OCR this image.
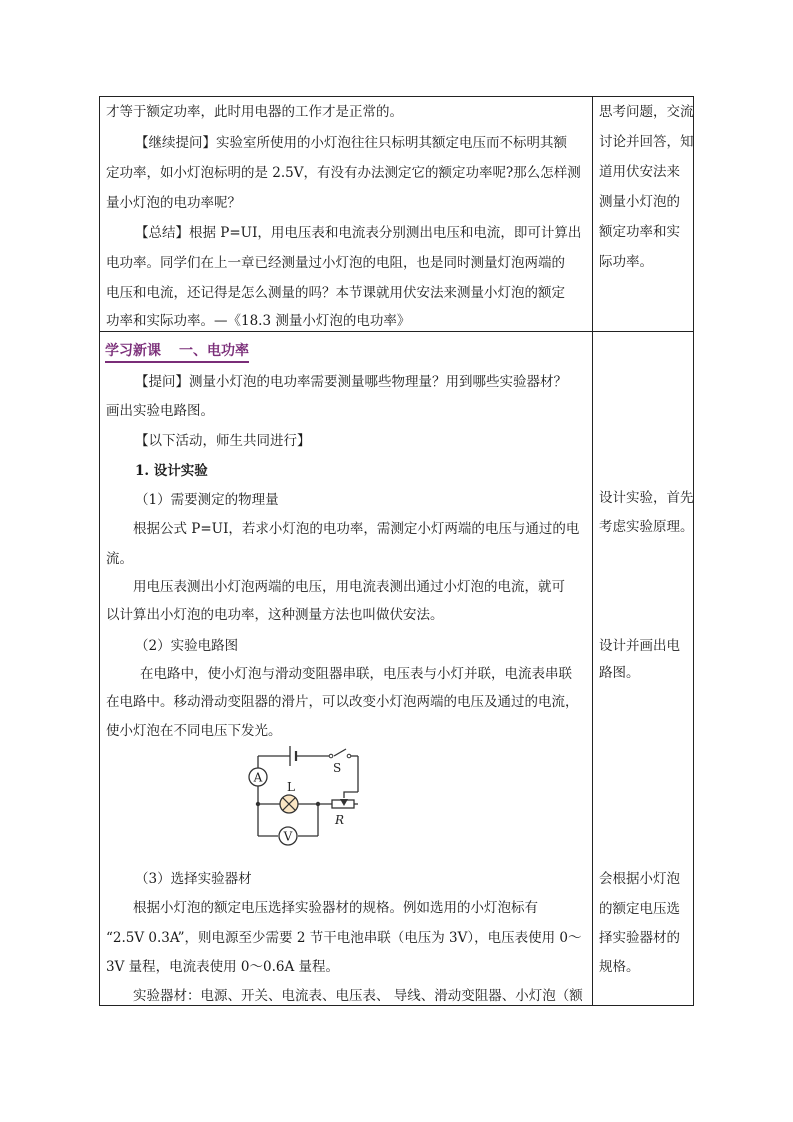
才等于额定功率，此时用电器的工作才是正常的。
【继续提问】实验室所使用的小灯泡往往只标明其额定电压而不标明其额
定功率，如小灯泡标明的是 2.5V，有没有办法测定它的额定功率呢?那么怎样测
量小灯泡的电功率呢？
【总结】根据 P=UI，用电压表和电流表分别测出电压和电流，即可计算出
电功率。同学们在上一章已经测量过小灯泡的电阻，也是同时测量灯泡两端的
电压和电流，还记得是怎么测量的吗？本节课就用伏安法来测量小灯泡的额定
功率和实际功率。—《18.3 测量小灯泡的电功率》
思考问题，交流
讨论并回答，知
道用伏安法来
测量小灯泡的
额定功率和实
际功率。
学习新课 一、电功率
【提问】测量小灯泡的电功率需要测量哪些物理量？用到哪些实验器材？
画出实验电路图。
【以下活动，师生共同进行】
1. 设计实验
（1）需要测定的物理量
根据公式 P=UI，若求小灯泡的电功率，需测定小灯两端的电压与通过的电
流。
用电压表测出小灯泡两端的电压，用电流表测出通过小灯泡的电流，就可
以计算出小灯泡的电功率，这种测量方法也叫做伏安法。
（2）实验电路图
在电路中，使小灯泡与滑动变阻器串联，电压表与小灯并联，电流表串联
在电路中。移动滑动变阻器的滑片，可以改变小灯泡两端的电压及通过的电流，
使小灯泡在不同电压下发光。
A
L
V
S
R
（3）选择实验器材
根据小灯泡的额定电压选择实验器材的规格。例如选用的小灯泡标有
“2.5V 0.3A”，则电源至少需要 2 节干电池串联（电压为 3V），电压表使用 0～
3V 量程，电流表使用 0～0.6A 量程。
实验器材：电源、开关、电流表、电压表、 导线、滑动变阻器、小灯泡（额
设计实验，首先
考虑实验原理。
设计并画出电
路图。
会根据小灯泡
的额定电压选
择实验器材的
规格。
